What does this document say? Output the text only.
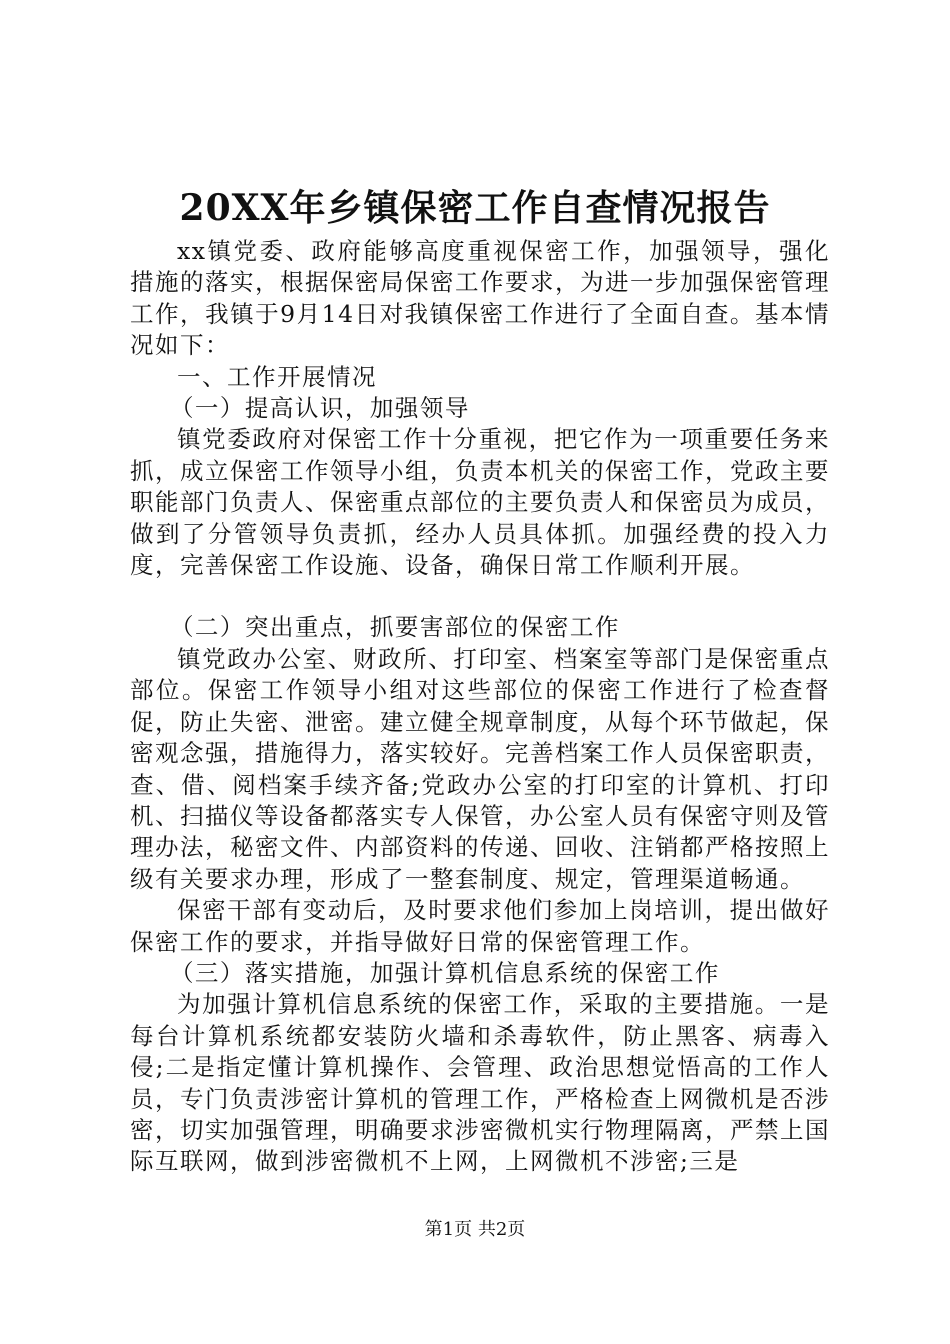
20XX年乡镇保密工作自查情况报告

xx镇党委、政府能够高度重视保密工作，加强领导，强化措施的落实，根据保密局保密工作要求，为进一步加强保密管理工作，我镇于9月14日对我镇保密工作进行了全面自查。基本情况如下：

一、工作开展情况

（一）提高认识，加强领导

镇党委政府对保密工作十分重视，把它作为一项重要任务来抓，成立保密工作领导小组，负责本机关的保密工作，党政主要职能部门负责人、保密重点部位的主要负责人和保密员为成员，做到了分管领导负责抓，经办人员具体抓。加强经费的投入力度，完善保密工作设施、设备，确保日常工作顺利开展。

（二）突出重点，抓要害部位的保密工作

镇党政办公室、财政所、打印室、档案室等部门是保密重点部位。保密工作领导小组对这些部位的保密工作进行了检查督促，防止失密、泄密。建立健全规章制度，从每个环节做起，保密观念强，措施得力，落实较好。完善档案工作人员保密职责，查、借、阅档案手续齐备;党政办公室的打印室的计算机、打印机、扫描仪等设备都落实专人保管，办公室人员有保密守则及管理办法，秘密文件、内部资料的传递、回收、注销都严格按照上级有关要求办理，形成了一整套制度、规定，管理渠道畅通。

保密干部有变动后，及时要求他们参加上岗培训，提出做好保密工作的要求，并指导做好日常的保密管理工作。

（三）落实措施，加强计算机信息系统的保密工作

为加强计算机信息系统的保密工作，采取的主要措施。一是每台计算机系统都安装防火墙和杀毒软件，防止黑客、病毒入侵;二是指定懂计算机操作、会管理、政治思想觉悟高的工作人员，专门负责涉密计算机的管理工作，严格检查上网微机是否涉密，切实加强管理，明确要求涉密微机实行物理隔离，严禁上国际互联网，做到涉密微机不上网，上网微机不涉密;三是

第1页 共2页
